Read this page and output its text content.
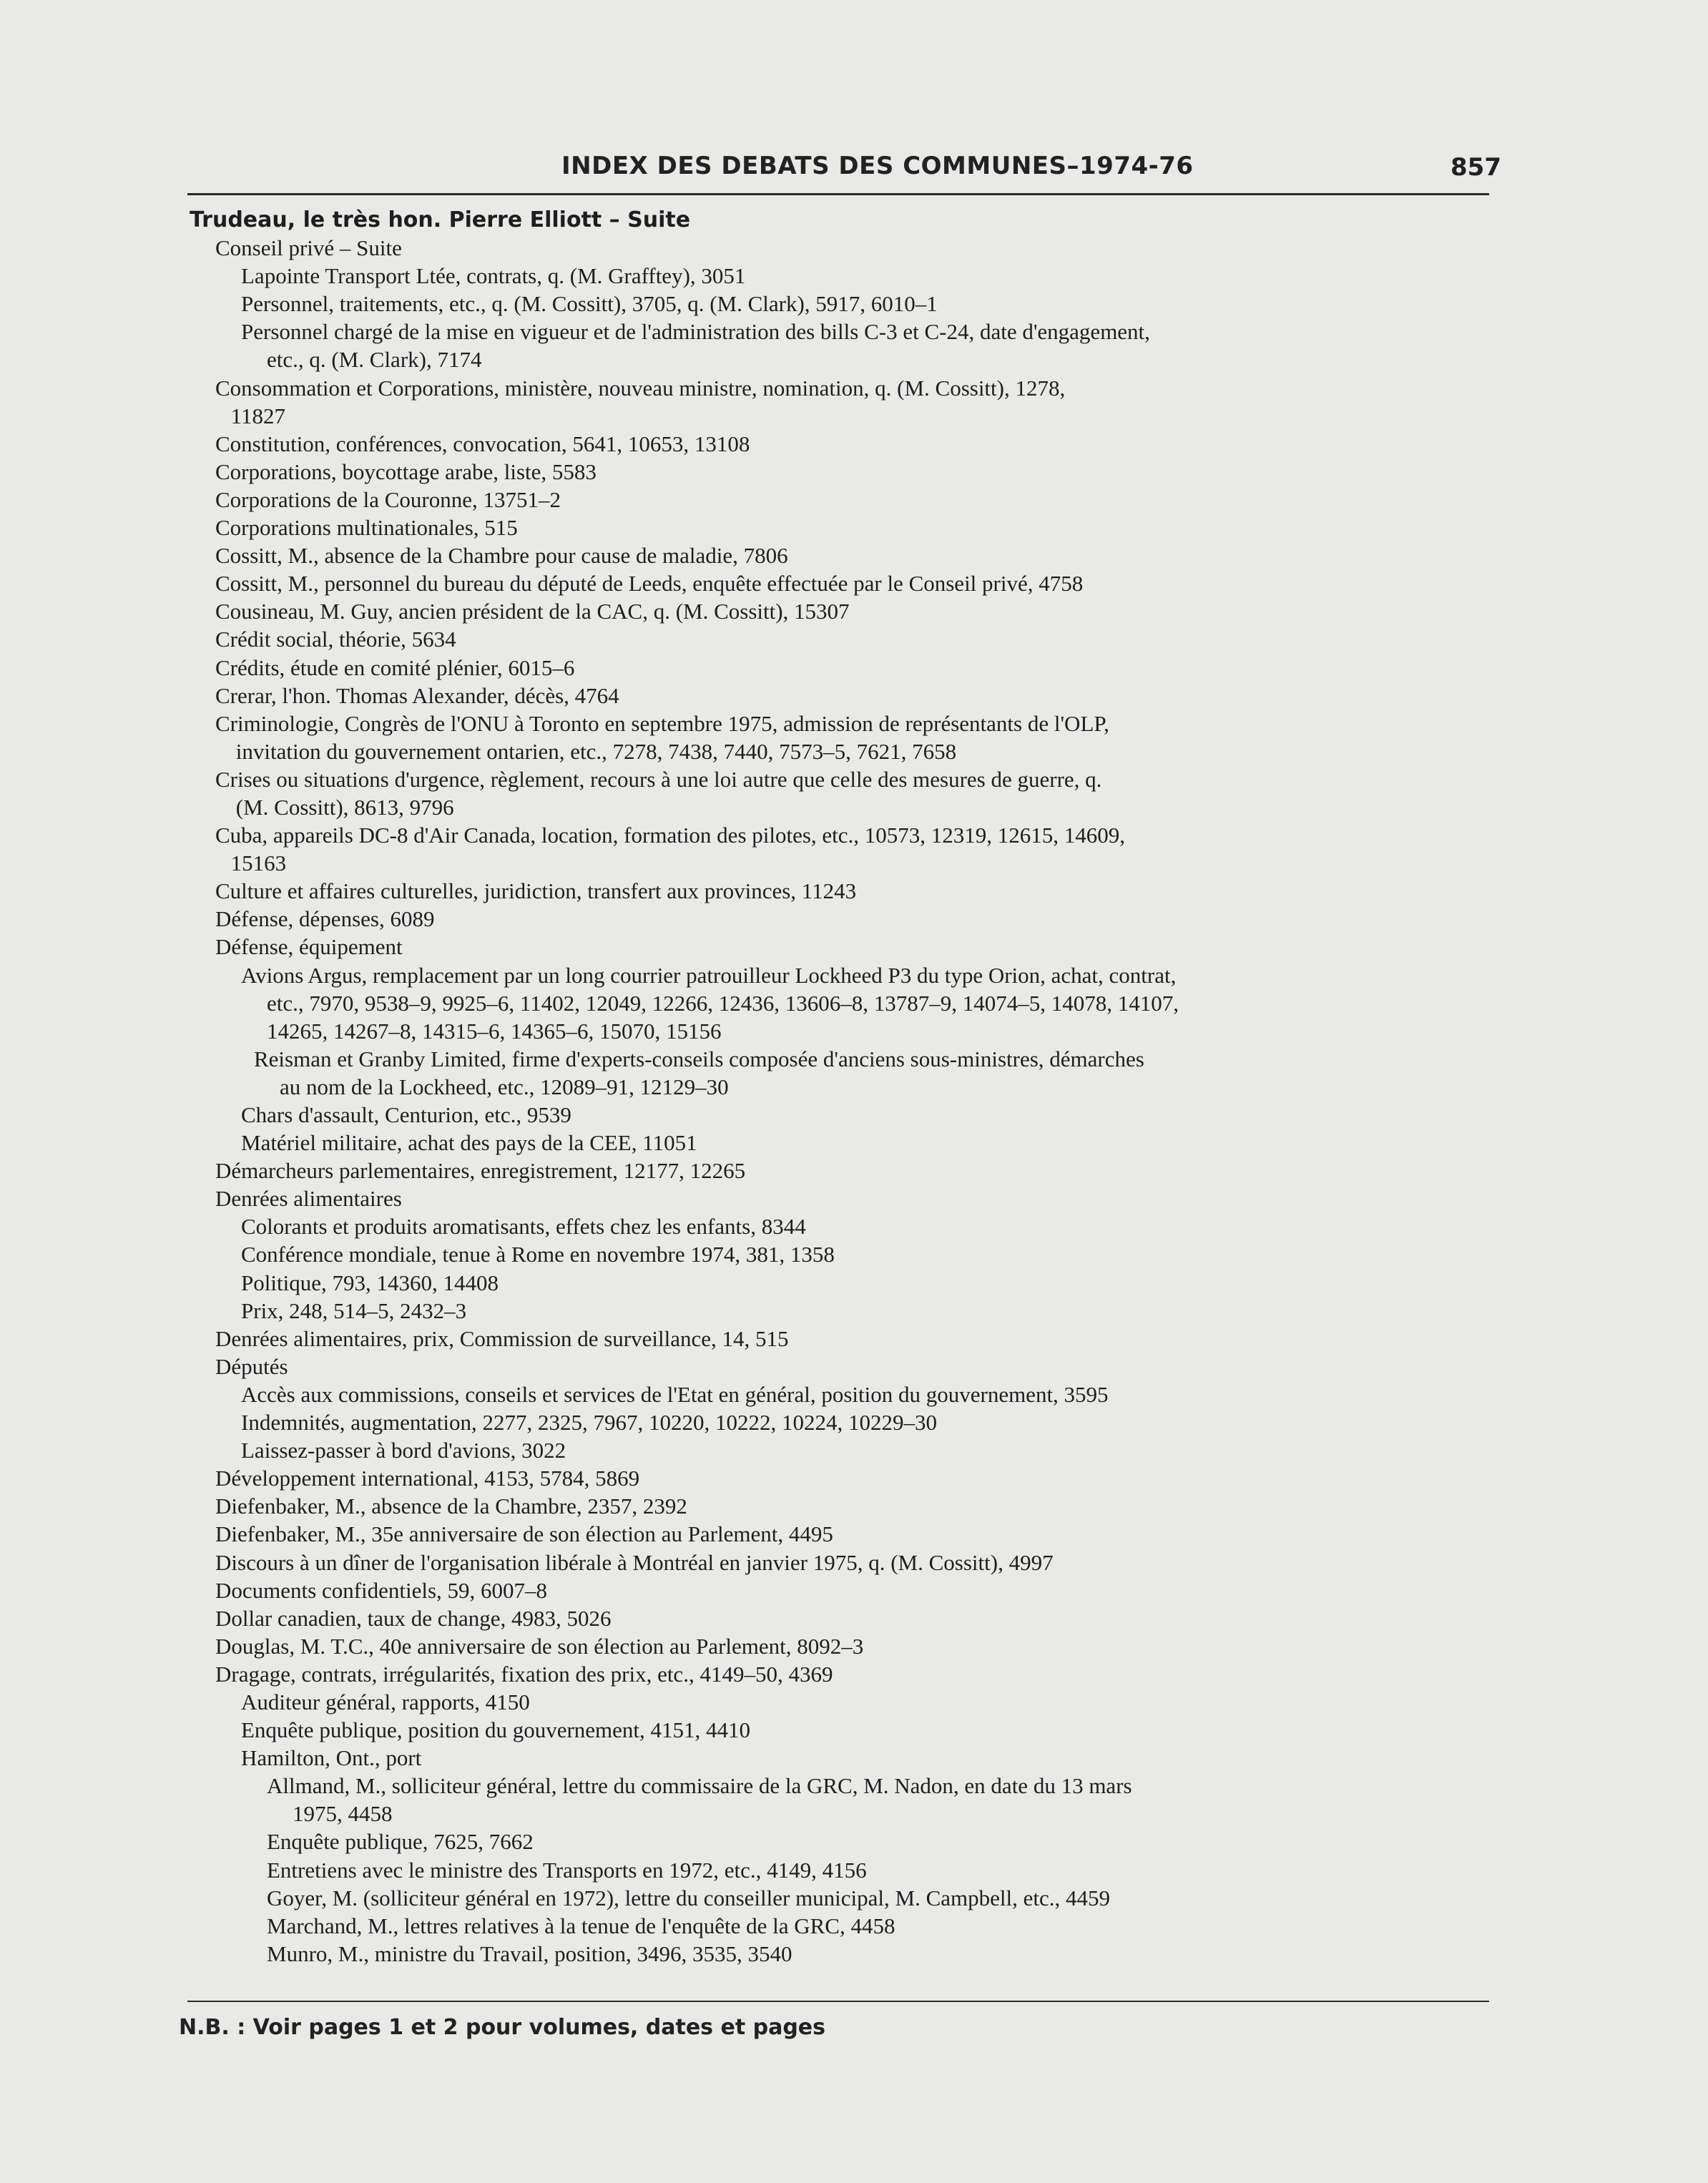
INDEX DES DEBATS DES COMMUNES–1974-76	857
Trudeau, le très hon. Pierre Elliott – Suite
Conseil privé – Suite
Lapointe Transport Ltée, contrats, q. (M. Grafftey), 3051
Personnel, traitements, etc., q. (M. Cossitt), 3705, q. (M. Clark), 5917, 6010–1
Personnel chargé de la mise en vigueur et de l'administration des bills C-3 et C-24, date d'engagement,
etc., q. (M. Clark), 7174
Consommation et Corporations, ministère, nouveau ministre, nomination, q. (M. Cossitt), 1278,
11827
Constitution, conférences, convocation, 5641, 10653, 13108
Corporations, boycottage arabe, liste, 5583
Corporations de la Couronne, 13751–2
Corporations multinationales, 515
Cossitt, M., absence de la Chambre pour cause de maladie, 7806
Cossitt, M., personnel du bureau du député de Leeds, enquête effectuée par le Conseil privé, 4758
Cousineau, M. Guy, ancien président de la CAC, q. (M. Cossitt), 15307
Crédit social, théorie, 5634
Crédits, étude en comité plénier, 6015–6
Crerar, l'hon. Thomas Alexander, décès, 4764
Criminologie, Congrès de l'ONU à Toronto en septembre 1975, admission de représentants de l'OLP,
invitation du gouvernement ontarien, etc., 7278, 7438, 7440, 7573–5, 7621, 7658
Crises ou situations d'urgence, règlement, recours à une loi autre que celle des mesures de guerre, q.
(M. Cossitt), 8613, 9796
Cuba, appareils DC-8 d'Air Canada, location, formation des pilotes, etc., 10573, 12319, 12615, 14609,
15163
Culture et affaires culturelles, juridiction, transfert aux provinces, 11243
Défense, dépenses, 6089
Défense, équipement
Avions Argus, remplacement par un long courrier patrouilleur Lockheed P3 du type Orion, achat, contrat,
etc., 7970, 9538–9, 9925–6, 11402, 12049, 12266, 12436, 13606–8, 13787–9, 14074–5, 14078, 14107,
14265, 14267–8, 14315–6, 14365–6, 15070, 15156
Reisman et Granby Limited, firme d'experts-conseils composée d'anciens sous-ministres, démarches
au nom de la Lockheed, etc., 12089–91, 12129–30
Chars d'assault, Centurion, etc., 9539
Matériel militaire, achat des pays de la CEE, 11051
Démarcheurs parlementaires, enregistrement, 12177, 12265
Denrées alimentaires
Colorants et produits aromatisants, effets chez les enfants, 8344
Conférence mondiale, tenue à Rome en novembre 1974, 381, 1358
Politique, 793, 14360, 14408
Prix, 248, 514–5, 2432–3
Denrées alimentaires, prix, Commission de surveillance, 14, 515
Députés
Accès aux commissions, conseils et services de l'Etat en général, position du gouvernement, 3595
Indemnités, augmentation, 2277, 2325, 7967, 10220, 10222, 10224, 10229–30
Laissez-passer à bord d'avions, 3022
Développement international, 4153, 5784, 5869
Diefenbaker, M., absence de la Chambre, 2357, 2392
Diefenbaker, M., 35e anniversaire de son élection au Parlement, 4495
Discours à un dîner de l'organisation libérale à Montréal en janvier 1975, q. (M. Cossitt), 4997
Documents confidentiels, 59, 6007–8
Dollar canadien, taux de change, 4983, 5026
Douglas, M. T.C., 40e anniversaire de son élection au Parlement, 8092–3
Dragage, contrats, irrégularités, fixation des prix, etc., 4149–50, 4369
Auditeur général, rapports, 4150
Enquête publique, position du gouvernement, 4151, 4410
Hamilton, Ont., port
Allmand, M., solliciteur général, lettre du commissaire de la GRC, M. Nadon, en date du 13 mars
1975, 4458
Enquête publique, 7625, 7662
Entretiens avec le ministre des Transports en 1972, etc., 4149, 4156
Goyer, M. (solliciteur général en 1972), lettre du conseiller municipal, M. Campbell, etc., 4459
Marchand, M., lettres relatives à la tenue de l'enquête de la GRC, 4458
Munro, M., ministre du Travail, position, 3496, 3535, 3540
N.B. : Voir pages 1 et 2 pour volumes, dates et pages
